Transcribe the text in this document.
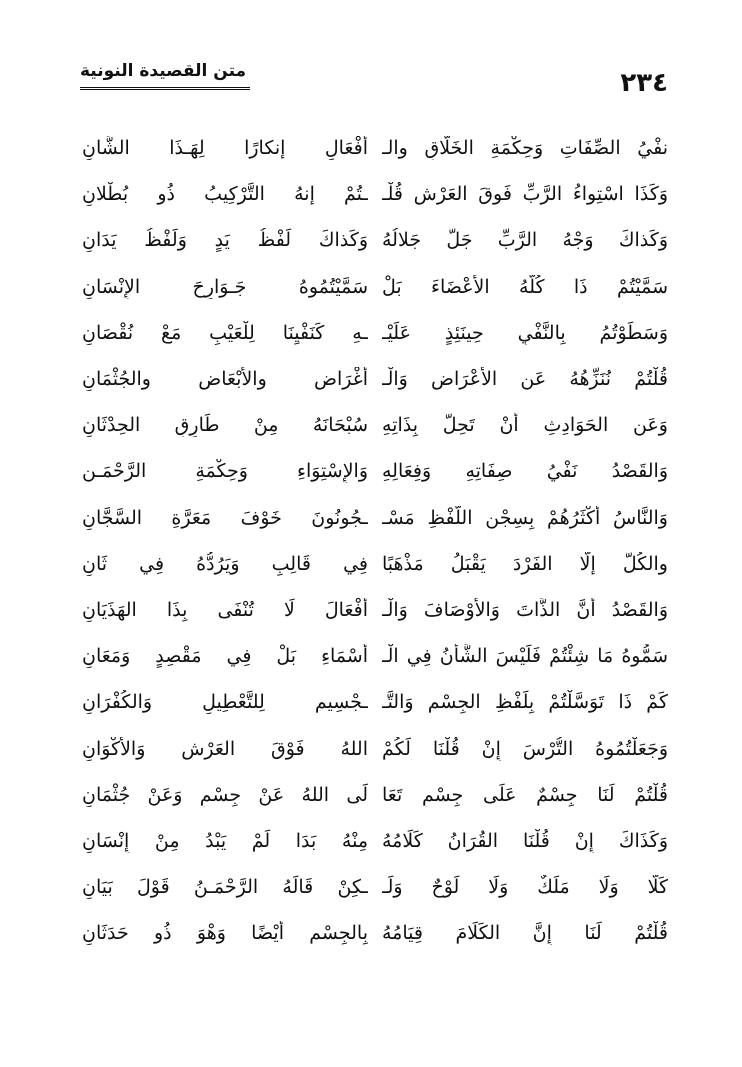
٢٣٤
متن القصيدة النونية
نفْيُ الصِّفَاتِ وَحِكْمَةِ الخَلَّاقِ والـ
أفْعَالِ إنكارًا لِهَـذَا الشَّانِ
وَكَذَا اسْتِواءُ الرَّبِّ فَوقَ العَرْشِ قُلْـ
ـتُمْ إنهُ التَّرْكِيبُ ذُو بُطْلانِ
وَكَذاكَ وَجْهُ الرَّبِّ جَلَّ جَلالُهُ
وَكَذاكَ لَفْظُ يَدٍ وَلَفْظُ يَدَانِ
سَمَّيْتُمْ ذَا كُلَّهُ الأَعْضَاءَ بَلْ
سَمَّيْتُمُوهُ جَـوَارِحَ الإِنْسَانِ
وَسَطَوْتُمُ بِالنَّفْيِ حِينَئِذٍ عَلَيْـ
ـهِ كَنَفْيِنَا لِلْعَيْبِ مَعْ نُقْصَانِ
قُلْتُمْ نُنَزِّهُهُ عَنِ الأَعْرَاضِ وَالْـ
أَغْرَاضِ والأَبْعَاضِ والجُثْمَانِ
وَعَنِ الحَوَادِثِ أَنْ تَحِلَّ بِذَاتِهِ
سُبْحَانَهُ مِنْ طَارِقِ الحِدْثَانِ
وَالقَصْدُ نَفْيُ صِفَاتِهِ وَفِعَالِهِ
وَالإِسْتِوَاءِ وَحِكْمَةِ الرَّحْمَـنِ
وَالنَّاسُ أَكْثَرُهُمْ بِسِجْنِ اللَّفْظِ مَسْـ
ـجُونُونَ خَوْفَ مَعَرَّةِ السَّجَّانِ
والكُلُّ إلَّا الفَرْدَ يَقْبَلُ مَذْهَبًا
فِي قَالِبٍ وَيَرُدُّهُ فِي ثَانِ
وَالقَصْدُ أَنَّ الذَّاتَ وَالأَوْصَافَ وَالْـ
أَفْعَالَ لَا تُنْفَى بِذَا الهَذَيَانِ
سَمُّوهُ مَا شِئْتُمْ فَلَيْسَ الشَّأْنُ فِي الْـ
أَسْمَاءِ بَلْ فِي مَقْصِدٍ وَمَعَانِ
كَمْ ذَا تَوَسَّلْتُمْ بِلَفْظِ الجِسْمِ وَالتَّـ
ـجْسِيمِ لِلتَّعْطِيلِ وَالكُفْرَانِ
وَجَعَلْتُمُوهُ التُّرْسَ إِنْ قُلْنَا لَكُمْ
اللهُ فَوْقَ العَرْشِ وَالأَكْوَانِ
قُلْتُمْ لَنَا جِسْمٌ عَلَى جِسْمٍ تَعَا
لَى اللهُ عَنْ جِسْمٍ وَعَنْ جُثْمَانِ
وَكَذَاكَ إِنْ قُلْنَا القُرَانُ كَلَامُهُ
مِنْهُ بَدَا لَمْ يَبْدُ مِنْ إِنْسَانِ
كَلَّا وَلَا مَلَكٌ وَلَا لَوْحٌ وَلَـ
ـكِنْ قَالَهُ الرَّحْمَـنُ قَوْلَ بَيَانِ
قُلْتُمْ لَنَا إِنَّ الكَلَامَ قِيَامُهُ
بِالجِسْمِ أَيْضًا وَهْوَ ذُو حَدَثَانِ
